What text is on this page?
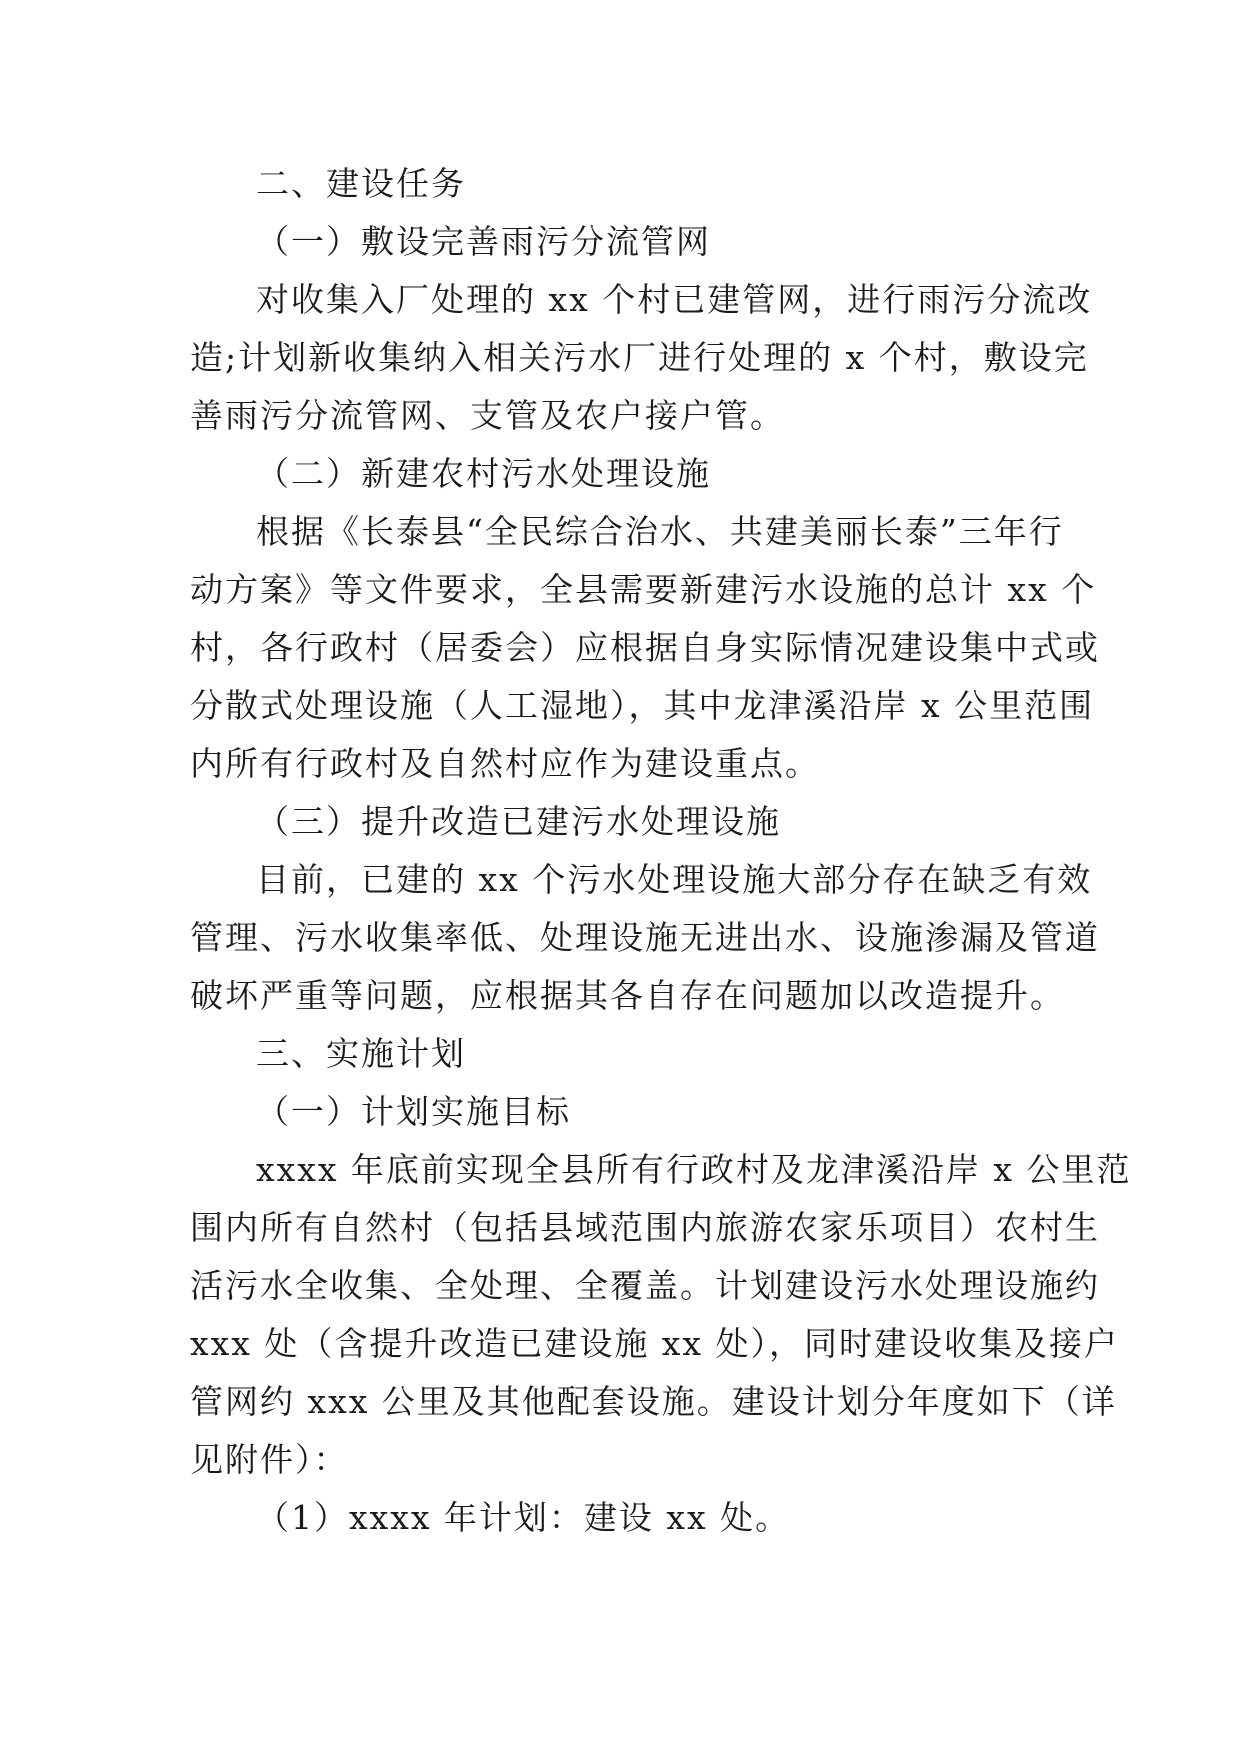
二、建设任务

（一）敷设完善雨污分流管网

对收集入厂处理的 xx 个村已建管网，进行雨污分流改
造;计划新收集纳入相关污水厂进行处理的 x 个村，敷设完
善雨污分流管网、支管及农户接户管。

（二）新建农村污水处理设施

根据《长泰县“全民综合治水、共建美丽长泰”三年行
动方案》等文件要求，全县需要新建污水设施的总计 xx 个
村，各行政村（居委会）应根据自身实际情况建设集中式或
分散式处理设施（人工湿地），其中龙津溪沿岸 x 公里范围
内所有行政村及自然村应作为建设重点。

（三）提升改造已建污水处理设施

目前，已建的 xx 个污水处理设施大部分存在缺乏有效
管理、污水收集率低、处理设施无进出水、设施渗漏及管道
破坏严重等问题，应根据其各自存在问题加以改造提升。

三、实施计划

（一）计划实施目标

xxxx 年底前实现全县所有行政村及龙津溪沿岸 x 公里范
围内所有自然村（包括县域范围内旅游农家乐项目）农村生
活污水全收集、全处理、全覆盖。计划建设污水处理设施约
xxx 处（含提升改造已建设施 xx 处），同时建设收集及接户
管网约 xxx 公里及其他配套设施。建设计划分年度如下（详
见附件）：

（1）xxxx 年计划：建设 xx 处。
